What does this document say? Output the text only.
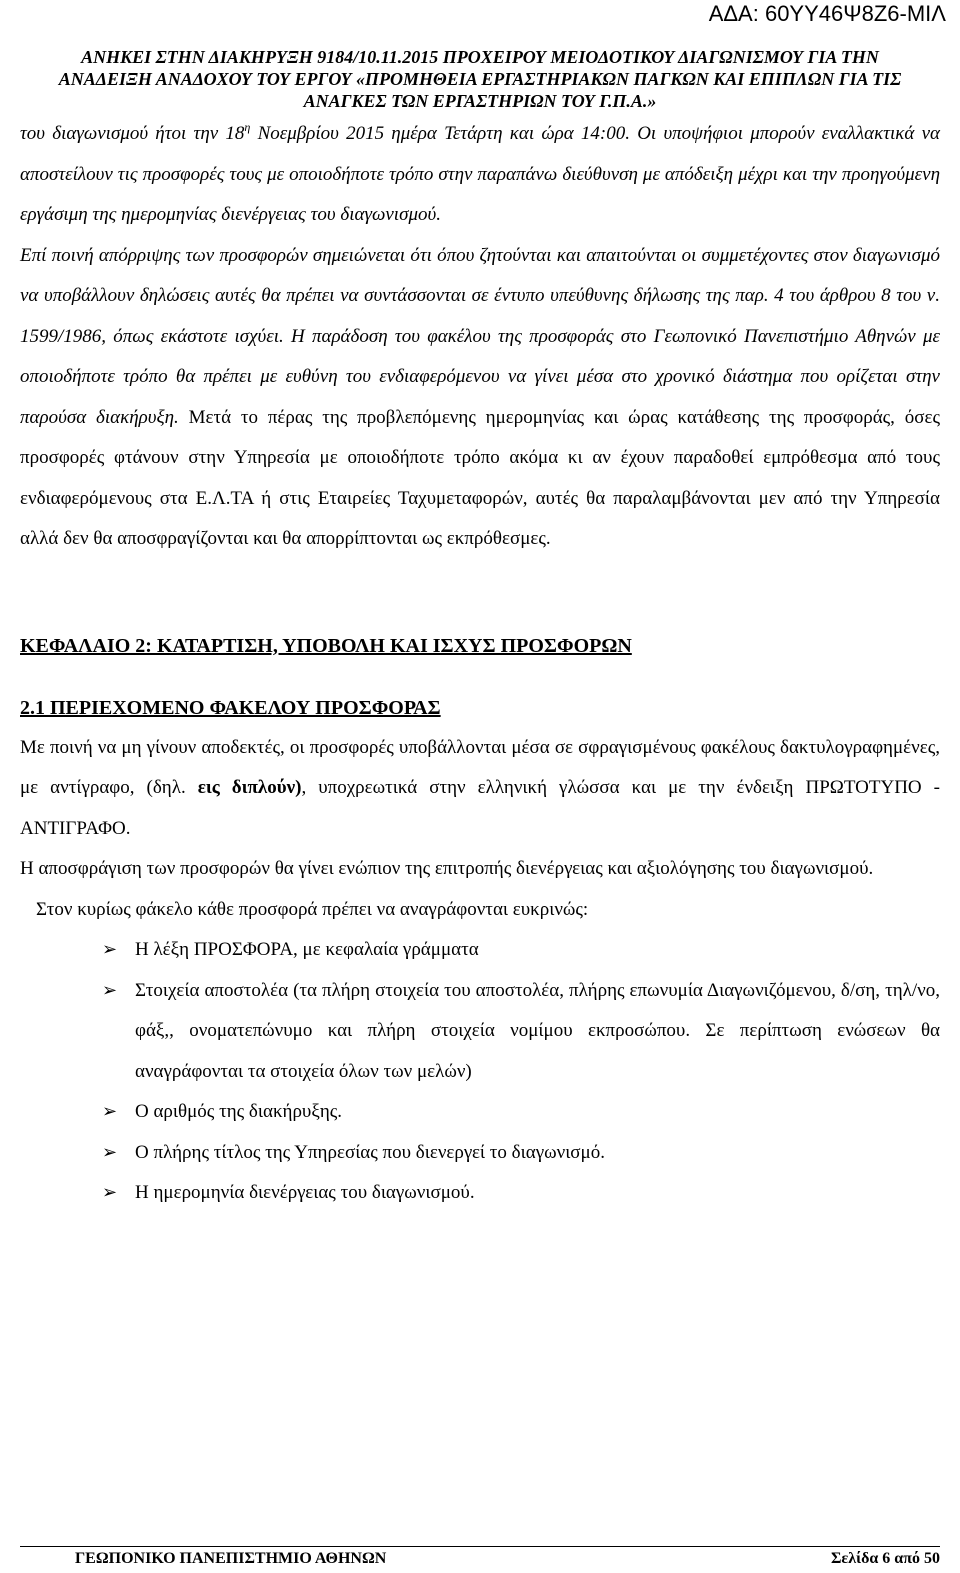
ΑΔΑ: 60ΥΥ46Ψ8Ζ6-ΜΙΛ
ΑΝΗΚΕΙ ΣΤΗΝ ΔΙΑΚΗΡΥΞΗ 9184/10.11.2015 ΠΡΟΧΕΙΡΟΥ ΜΕΙΟΔΟΤΙΚΟΥ ΔΙΑΓΩΝΙΣΜΟΥ ΓΙΑ ΤΗΝ
ΑΝΑΔΕΙΞΗ ΑΝΑΔΟΧΟΥ ΤΟΥ ΕΡΓΟΥ «ΠΡΟΜΗΘΕΙΑ ΕΡΓΑΣΤΗΡΙΑΚΩΝ ΠΑΓΚΩΝ ΚΑΙ ΕΠΙΠΛΩΝ ΓΙΑ ΤΙΣ
ΑΝΑΓΚΕΣ ΤΩΝ ΕΡΓΑΣΤΗΡΙΩΝ ΤΟΥ Γ.Π.Α.»

του διαγωνισμού ήτοι την $18^\eta$ Νοεμβρίου 2015 ημέρα Τετάρτη και ώρα 14:00. Οι υποψήφιοι μπορούν εναλλακτικά να αποστείλουν τις προσφορές τους με οποιοδήποτε τρόπο στην παραπάνω διεύθυνση με απόδειξη μέχρι και την προηγούμενη εργάσιμη της ημερομηνίας διενέργειας του διαγωνισμού.

Επί ποινή απόρριψης των προσφορών σημειώνεται ότι όπου ζητούνται και απαιτούνται οι συμμετέχοντες στον διαγωνισμό να υποβάλλουν δηλώσεις αυτές θα πρέπει να συντάσσονται σε έντυπο υπεύθυνης δήλωσης της παρ. 4 του άρθρου 8 του ν. 1599/1986, όπως εκάστοτε ισχύει. Η παράδοση του φακέλου της προσφοράς στο Γεωπονικό Πανεπιστήμιο Αθηνών με οποιοδήποτε τρόπο θα πρέπει με ευθύνη του ενδιαφερόμενου να γίνει μέσα στο χρονικό διάστημα που ορίζεται στην παρούσα διακήρυξη. Μετά το πέρας της προβλεπόμενης ημερομηνίας και ώρας κατάθεσης της προσφοράς, όσες προσφορές φτάνουν στην Υπηρεσία με οποιοδήποτε τρόπο ακόμα κι αν έχουν παραδοθεί εμπρόθεσμα από τους ενδιαφερόμενους στα Ε.Λ.ΤΑ ή στις Εταιρείες Ταχυμεταφορών, αυτές θα παραλαμβάνονται μεν από την Υπηρεσία αλλά δεν θα αποσφραγίζονται και θα απορρίπτονται ως εκπρόθεσμες.

ΚΕΦΑΛΑΙΟ 2: ΚΑΤΑΡΤΙΣΗ, ΥΠΟΒΟΛΗ ΚΑΙ ΙΣΧΥΣ ΠΡΟΣΦΟΡΩΝ

2.1 ΠΕΡΙΕΧΟΜΕΝΟ ΦΑΚΕΛΟΥ ΠΡΟΣΦΟΡΑΣ

Με ποινή να μη γίνουν αποδεκτές, οι προσφορές υποβάλλονται μέσα σε σφραγισμένους φακέλους δακτυλογραφημένες, με αντίγραφο, (δηλ. εις διπλούν), υποχρεωτικά στην ελληνική γλώσσα και με την ένδειξη ΠΡΩΤΟΤΥΠΟ - ΑΝΤΙΓΡΑΦΟ.

Η αποσφράγιση των προσφορών θα γίνει ενώπιον της επιτροπής διενέργειας και αξιολόγησης του διαγωνισμού.

Στον κυρίως φάκελο κάθε προσφορά πρέπει να αναγράφονται ευκρινώς:

➢ Η λέξη ΠΡΟΣΦΟΡΑ, με κεφαλαία γράμματα
➢ Στοιχεία αποστολέα (τα πλήρη στοιχεία του αποστολέα, πλήρης επωνυμία Διαγωνιζόμενου, δ/ση, τηλ/νο, φάξ,, ονοματεπώνυμο και πλήρη στοιχεία νομίμου εκπροσώπου. Σε περίπτωση ενώσεων θα αναγράφονται τα στοιχεία όλων των μελών)
➢ Ο αριθμός της διακήρυξης.
➢ Ο πλήρης τίτλος της Υπηρεσίας που διενεργεί το διαγωνισμό.
➢ Η ημερομηνία διενέργειας του διαγωνισμού.
ΓΕΩΠΟΝΙΚΟ ΠΑΝΕΠΙΣΤΗΜΙΟ ΑΘΗΝΩΝ	Σελίδα 6 από 50
